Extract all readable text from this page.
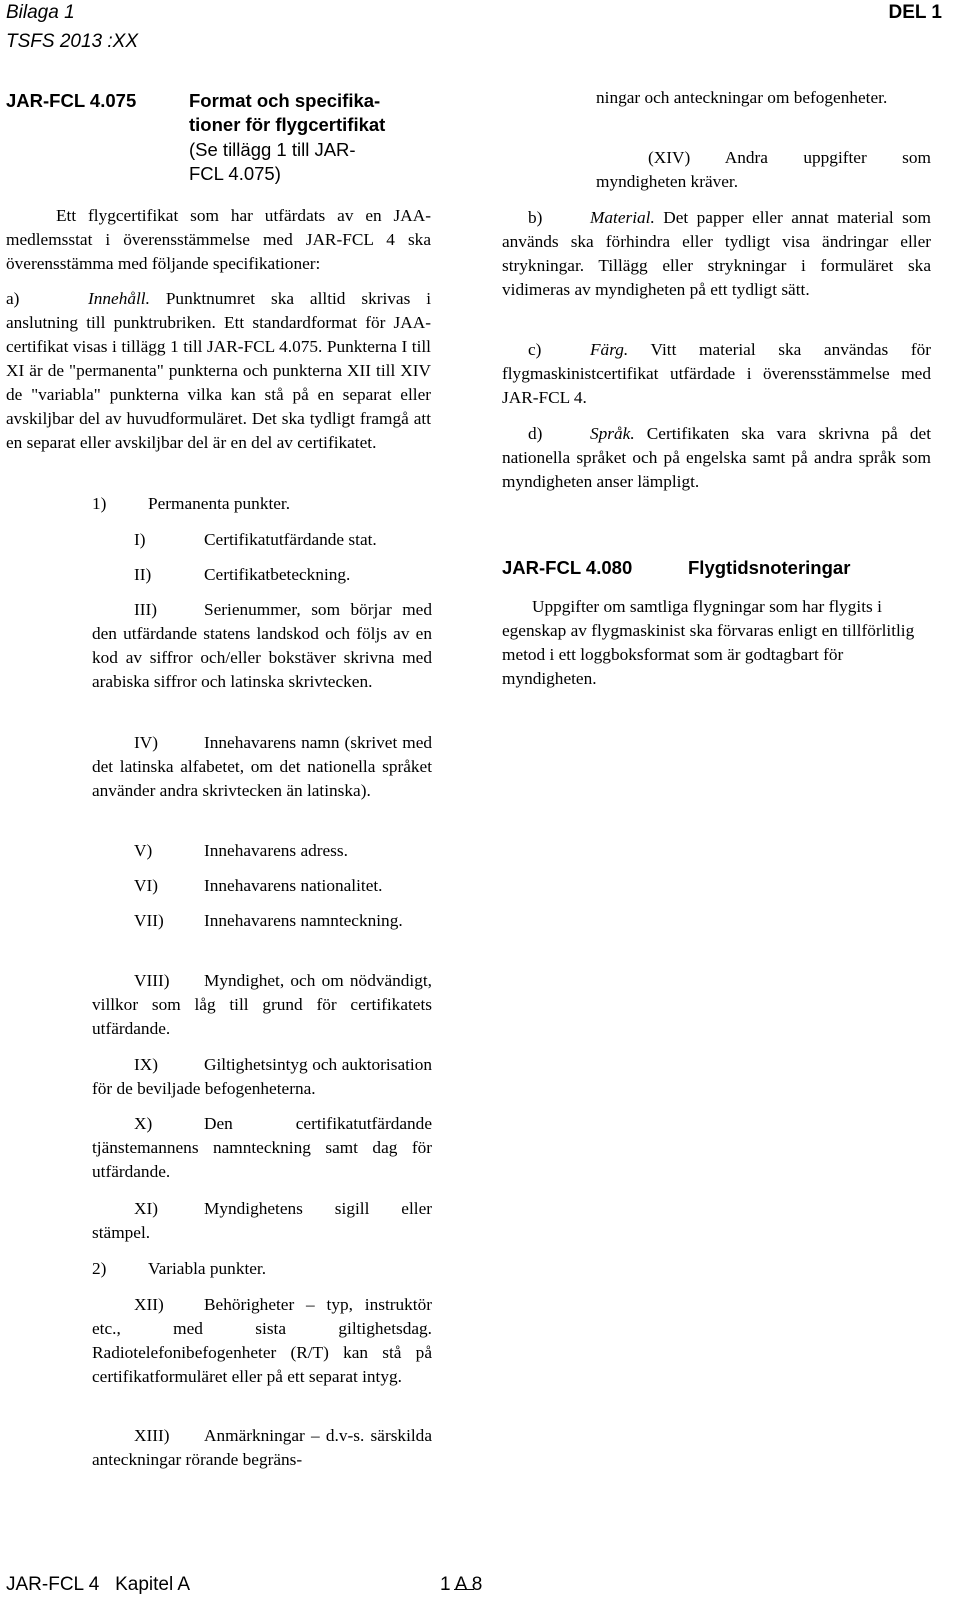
Bilaga 1
TSFS 2013 :XX
DEL 1
JAR-FCL 4.075	Format och specifika-
tioner för flygcertifikat
(Se tillägg 1 till JAR-
FCL 4.075)

Ett flygcertifikat som har utfärdats av en JAA-medlemsstat i överensstämmelse med JAR-FCL 4 ska överensstämma med följande specifikationer:

a)	Innehåll. Punktnumret ska alltid skrivas i anslutning till punktrubriken. Ett standardformat för JAA-certifikat visas i tillägg 1 till JAR-FCL 4.075. Punkterna I till XI är de "permanenta" punkterna och punkterna XII till XIV de "variabla" punkterna vilka kan stå på en separat eller avskiljbar del av huvudformuläret. Det ska tydligt framgå att en separat eller avskiljbar del är en del av certifikatet.

1) Permanenta punkter.

I)	Certifikatutfärdande stat.

II)	Certifikatbeteckning.

III)	Serienummer, som börjar med den utfärdande statens landskod och följs av en kod av siffror och/eller bokstäver skrivna med arabiska siffror och latinska skrivtecken.

IV)	Innehavarens namn (skrivet med det latinska alfabetet, om det nationella språket använder andra skrivtecken än latinska).

V)	Innehavarens adress.

VI)	Innehavarens nationalitet.

VII) Innehavarens namnteckning.

VIII) Myndighet, och om nödvändigt, villkor som låg till grund för certifikatets utfärdande.

IX)	Giltighetsintyg och auktorisation för de beviljade befogenheterna.

X)	Den certifikatutfärdande tjänstemannens namnteckning samt dag för utfärdande.

XI)	Myndighetens sigill eller stämpel.

2) Variabla punkter.

XII) Behörigheter – typ, instruktör etc., med sista giltighetsdag. Radiotelefonibefogenheter (R/T) kan stå på certifikatformuläret eller på ett separat intyg.

XIII) Anmärkningar – d.v-s. särskilda anteckningar rörande begräns-

ningar och anteckningar om befogenheter.

(XIV) Andra uppgifter som myndigheten kräver.

b)	Material. Det papper eller annat material som används ska förhindra eller tydligt visa ändringar eller strykningar. Tillägg eller strykningar i formuläret ska vidimeras av myndigheten på ett tydligt sätt.

c)	Färg. Vitt material ska användas för flygmaskinistcertifikat utfärdade i överensstämmelse med JAR-FCL 4.

d)	Språk. Certifikaten ska vara skrivna på det nationella språket och på engelska samt på andra språk som myndigheten anser lämpligt.

JAR-FCL 4.080	Flygtidsnoteringar

Uppgifter om samtliga flygningar som har flygits i egenskap av flygmaskinist ska förvaras enligt en tillförlitlig metod i ett loggboksformat som är godtagbart för myndigheten.

JAR-FCL 4   Kapitel A	1 A 8
